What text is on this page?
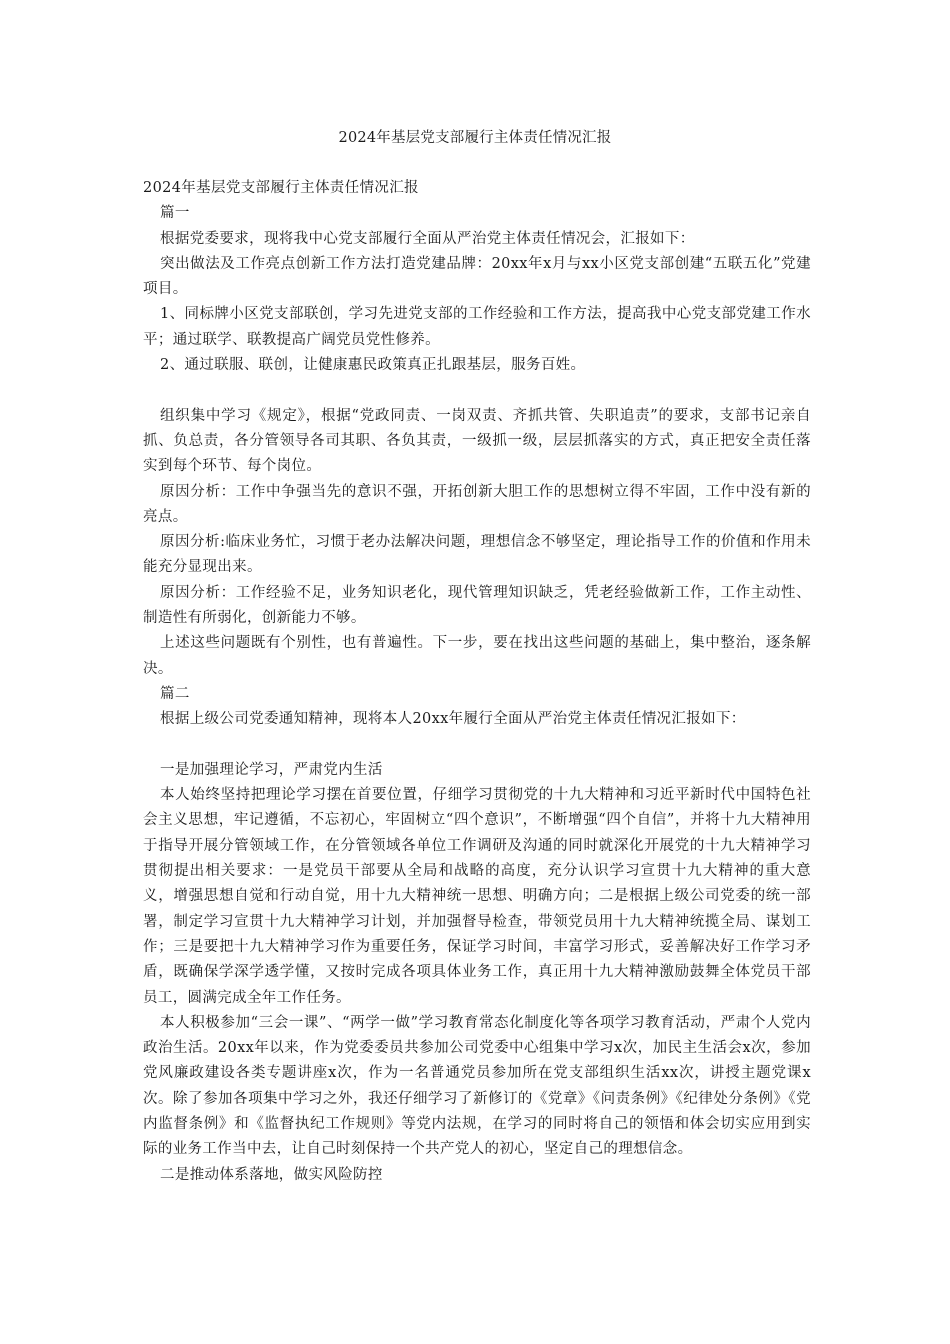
2024年基层党支部履行主体责任情况汇报

2024年基层党支部履行主体责任情况汇报

篇一

根据党委要求，现将我中心党支部履行全面从严治党主体责任情况会，汇报如下：

突出做法及工作亮点创新工作方法打造党建品牌：20xx年x月与xx小区党支部创建“五联五化”党建项目。

1、同标牌小区党支部联创，学习先进党支部的工作经验和工作方法，提高我中心党支部党建工作水平；通过联学、联教提高广阔党员党性修养。

2、通过联服、联创，让健康惠民政策真正扎跟基层，服务百姓。

组织集中学习《规定》，根据“党政同责、一岗双责、齐抓共管、失职追责”的要求，支部书记亲自抓、负总责，各分管领导各司其职、各负其责，一级抓一级，层层抓落实的方式，真正把安全责任落实到每个环节、每个岗位。

原因分析：工作中争强当先的意识不强，开拓创新大胆工作的思想树立得不牢固，工作中没有新的亮点。

原因分析:临床业务忙，习惯于老办法解决问题，理想信念不够坚定，理论指导工作的价值和作用未能充分显现出来。

原因分析：工作经验不足，业务知识老化，现代管理知识缺乏，凭老经验做新工作，工作主动性、制造性有所弱化，创新能力不够。

上述这些问题既有个别性，也有普遍性。下一步，要在找出这些问题的基础上，集中整治，逐条解决。

篇二

根据上级公司党委通知精神，现将本人20xx年履行全面从严治党主体责任情况汇报如下：

一是加强理论学习，严肃党内生活

本人始终坚持把理论学习摆在首要位置，仔细学习贯彻党的十九大精神和习近平新时代中国特色社会主义思想，牢记遵循，不忘初心，牢固树立“四个意识”，不断增强“四个自信”，并将十九大精神用于指导开展分管领域工作，在分管领域各单位工作调研及沟通的同时就深化开展党的十九大精神学习贯彻提出相关要求：一是党员干部要从全局和战略的高度，充分认识学习宣贯十九大精神的重大意义，增强思想自觉和行动自觉，用十九大精神统一思想、明确方向；二是根据上级公司党委的统一部署，制定学习宣贯十九大精神学习计划，并加强督导检查，带领党员用十九大精神统揽全局、谋划工作；三是要把十九大精神学习作为重要任务，保证学习时间，丰富学习形式，妥善解决好工作学习矛盾，既确保学深学透学懂，又按时完成各项具体业务工作，真正用十九大精神激励鼓舞全体党员干部员工，圆满完成全年工作任务。

本人积极参加“三会一课”、“两学一做”学习教育常态化制度化等各项学习教育活动，严肃个人党内政治生活。20xx年以来，作为党委委员共参加公司党委中心组集中学习x次，加民主生活会x次，参加党风廉政建设各类专题讲座x次，作为一名普通党员参加所在党支部组织生活xx次，讲授主题党课x次。除了参加各项集中学习之外，我还仔细学习了新修订的《党章》《问责条例》《纪律处分条例》《党内监督条例》和《监督执纪工作规则》等党内法规，在学习的同时将自己的领悟和体会切实应用到实际的业务工作当中去，让自己时刻保持一个共产党人的初心，坚定自己的理想信念。

二是推动体系落地，做实风险防控
